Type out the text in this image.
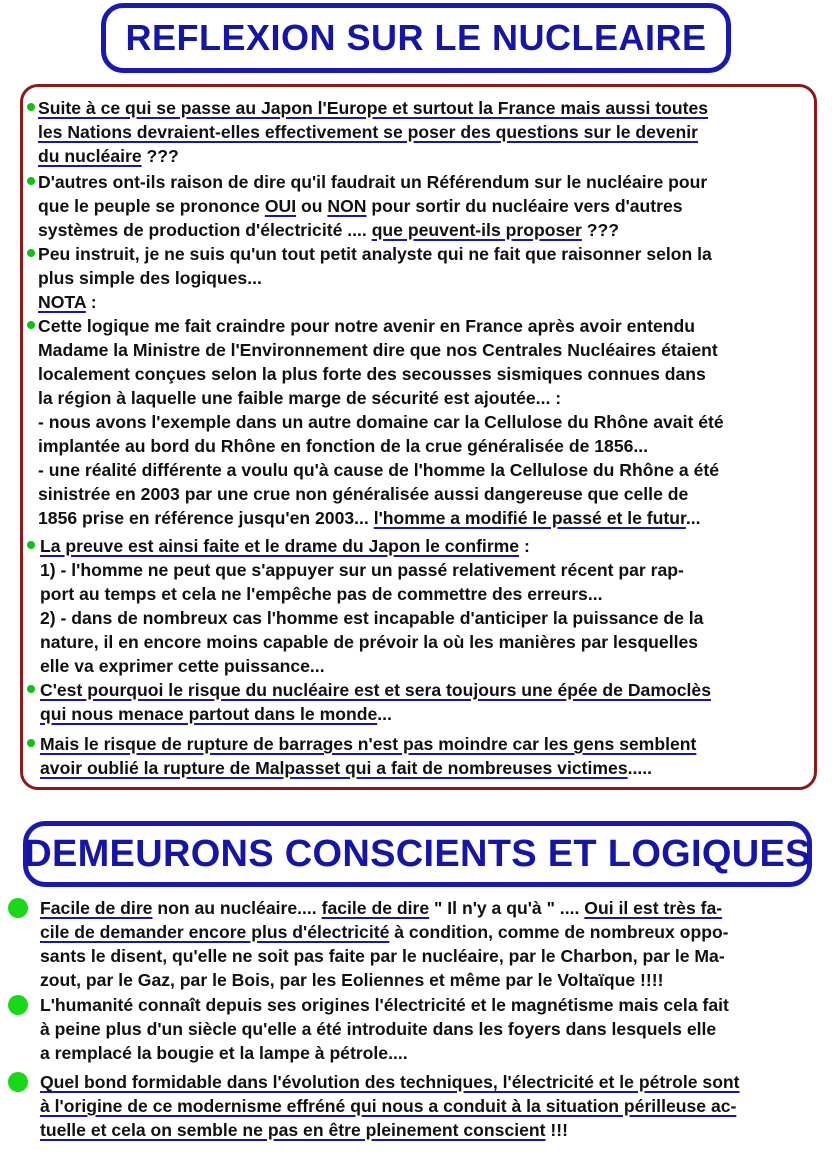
REFLEXION SUR LE NUCLEAIRE
Suite à ce qui se passe au Japon l'Europe et surtout la France mais aussi toutes
les Nations devraient-elles effectivement se poser des questions sur le devenir
du nucléaire ???
D'autres ont-ils raison de dire qu'il faudrait un Référendum sur le nucléaire pour
que le peuple se prononce OUI ou NON pour sortir du nucléaire vers d'autres
systèmes de production d'électricité .... que peuvent-ils proposer ???
Peu instruit, je ne suis qu'un tout petit analyste qui ne fait que raisonner selon la
plus simple des logiques...
NOTA :
Cette logique me fait craindre pour notre avenir en France après avoir entendu
Madame la Ministre de l'Environnement dire que nos Centrales Nucléaires étaient
localement conçues selon la plus forte des secousses sismiques connues dans
la région à laquelle une faible marge de sécurité est ajoutée... :
- nous avons l'exemple dans un autre domaine car la Cellulose du Rhône avait été
implantée au bord du Rhône en fonction de la crue généralisée de 1856...
- une réalité différente a voulu qu'à cause de l'homme la Cellulose du Rhône a été
sinistrée en 2003 par une crue non généralisée aussi dangereuse que celle de
1856 prise en référence jusqu'en 2003... l'homme a modifié le passé et le futur...
La preuve est ainsi faite et le drame du Japon le confirme :
1) - l'homme ne peut que s'appuyer sur un passé relativement récent par rap-
port au temps et cela ne l'empêche pas de commettre des erreurs...
2) - dans de nombreux cas l'homme est incapable d'anticiper la puissance de la
nature, il en encore moins capable de prévoir la où les manières par lesquelles
elle va exprimer cette puissance...
C'est pourquoi le risque du nucléaire est et sera toujours une épée de Damoclès
qui nous menace partout dans le monde...
Mais le risque de rupture de barrages n'est pas moindre car les gens semblent
avoir oublié la rupture de Malpasset qui a fait de nombreuses victimes.....
DEMEURONS CONSCIENTS ET LOGIQUES
Facile de dire non au nucléaire.... facile de dire " Il n'y a qu'à " .... Oui il est très fa-
cile de demander encore plus d'électricité à condition, comme de nombreux oppo-
sants le disent, qu'elle ne soit pas faite par le nucléaire, par le Charbon, par le Ma-
zout, par le Gaz, par le Bois, par les Eoliennes et même par le Voltaïque !!!!
L'humanité connaît depuis ses origines l'électricité et le magnétisme mais cela fait
à peine plus d'un siècle qu'elle a été introduite dans les foyers dans lesquels elle
a remplacé la bougie et la lampe à pétrole....
Quel bond formidable dans l'évolution des techniques, l'électricité et le pétrole sont
à l'origine de ce modernisme effréné qui nous a conduit à la situation périlleuse ac-
tuelle et cela on semble ne pas en être pleinement conscient !!!
